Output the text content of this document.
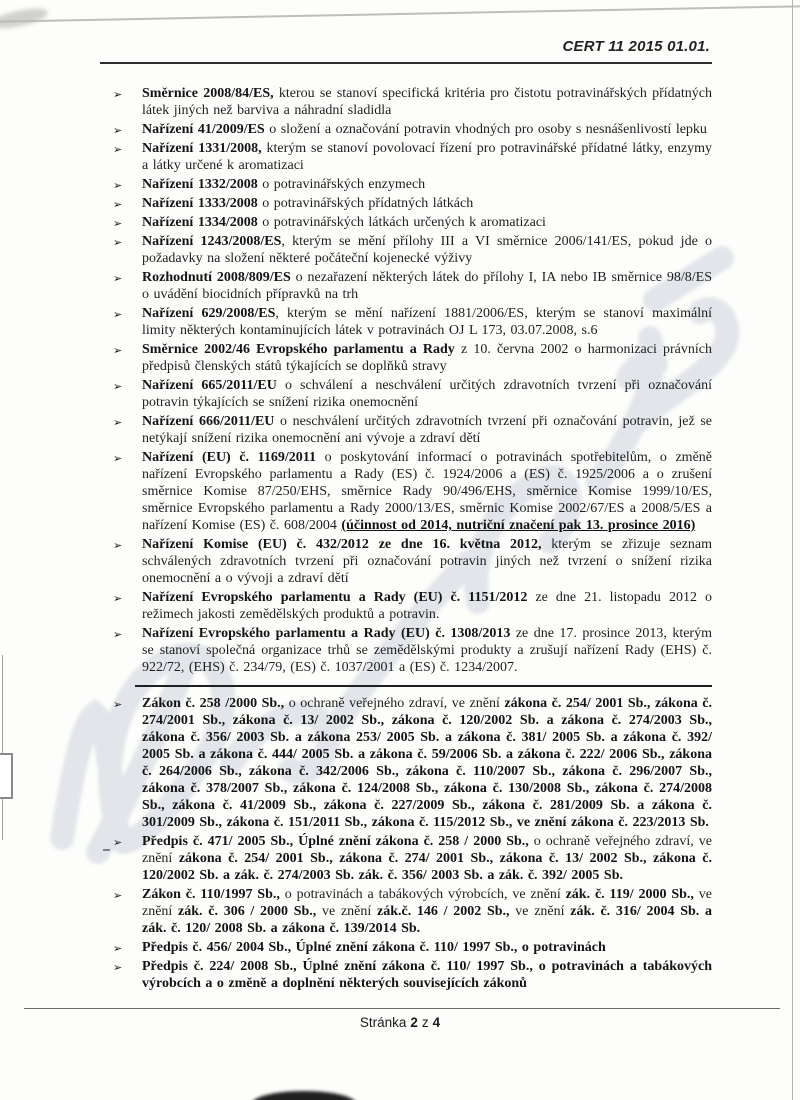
CERT 11 2015 01.01.
➢ Směrnice 2008/84/ES, kterou se stanoví specifická kritéria pro čistotu potravinářských přídatných látek jiných než barviva a náhradní sladidla
➢ Nařízení 41/2009/ES o složení a označování potravin vhodných pro osoby s nesnášenlivostí lepku
➢ Nařízení 1331/2008, kterým se stanoví povolovací řízení pro potravinářské přídatné látky, enzymy a látky určené k aromatizaci
➢ Nařízení 1332/2008 o potravinářských enzymech
➢ Nařízení 1333/2008 o potravinářských přídatných látkách
➢ Nařízení 1334/2008 o potravinářských látkách určených k aromatizaci
➢ Nařízení 1243/2008/ES, kterým se mění přílohy III a VI směrnice 2006/141/ES, pokud jde o požadavky na složení některé počáteční kojenecké výživy
➢ Rozhodnutí 2008/809/ES o nezařazení některých látek do přílohy I, IA nebo IB směrnice 98/8/ES o uvádění biocidních přípravků na trh
➢ Nařízení 629/2008/ES, kterým se mění nařízení 1881/2006/ES, kterým se stanoví maximální limity některých kontaminujících látek v potravinách OJ L 173, 03.07.2008, s.6
➢ Směrnice 2002/46 Evropského parlamentu a Rady z 10. června 2002 o harmonizaci právních předpisů členských států týkajících se doplňků stravy
➢ Nařízení 665/2011/EU o schválení a neschválení určitých zdravotních tvrzení při označování potravin týkajících se snížení rizika onemocnění
➢ Nařízení 666/2011/EU o neschválení určitých zdravotních tvrzení při označování potravin, jež se netýkají snížení rizika onemocnění ani vývoje a zdraví dětí
➢ Nařízení (EU) č. 1169/2011 o poskytování informací o potravinách spotřebitelům, o změně nařízení Evropského parlamentu a Rady (ES) č. 1924/2006 a (ES) č. 1925/2006 a o zrušení směrnice Komise 87/250/EHS, směrnice Rady 90/496/EHS, směrnice Komise 1999/10/ES, směrnice Evropského parlamentu a Rady 2000/13/ES, směrnic Komise 2002/67/ES a 2008/5/ES a nařízení Komise (ES) č. 608/2004 (účinnost od 2014, nutriční značení pak 13. prosince 2016)
➢ Nařízení Komise (EU) č. 432/2012 ze dne 16. května 2012, kterým se zřizuje seznam schválených zdravotních tvrzení při označování potravin jiných než tvrzení o snížení rizika onemocnění a o vývoji a zdraví dětí
➢ Nařízení Evropského parlamentu a Rady (EU) č. 1151/2012 ze dne 21. listopadu 2012 o režimech jakosti zemědělských produktů a potravin.
➢ Nařízení Evropského parlamentu a Rady (EU) č. 1308/2013 ze dne 17. prosince 2013, kterým se stanoví společná organizace trhů se zemědělskými produkty a zrušují nařízení Rady (EHS) č. 922/72, (EHS) č. 234/79, (ES) č. 1037/2001 a (ES) č. 1234/2007.
➢ Zákon č. 258 /2000 Sb., o ochraně veřejného zdraví, ve znění zákona č. 254/ 2001 Sb., zákona č. 274/2001 Sb., zákona č. 13/ 2002 Sb., zákona č. 120/2002 Sb. a zákona č. 274/2003 Sb., zákona č. 356/ 2003 Sb. a zákona 253/ 2005 Sb. a zákona č. 381/ 2005 Sb. a zákona č. 392/ 2005 Sb. a zákona č. 444/ 2005 Sb. a zákona č. 59/2006 Sb. a zákona č. 222/ 2006 Sb., zákona č. 264/2006 Sb., zákona č. 342/2006 Sb., zákona č. 110/2007 Sb., zákona č. 296/2007 Sb., zákona č. 378/2007 Sb., zákona č. 124/2008 Sb., zákona č. 130/2008 Sb., zákona č. 274/2008 Sb., zákona č. 41/2009 Sb., zákona č. 227/2009 Sb., zákona č. 281/2009 Sb. a zákona č. 301/2009 Sb., zákona č. 151/2011 Sb., zákona č. 115/2012 Sb., ve znění zákona č. 223/2013 Sb.
➢ Předpis č. 471/ 2005 Sb., Úplné znění zákona č. 258 / 2000 Sb., o ochraně veřejného zdraví, ve znění zákona č. 254/ 2001 Sb., zákona č. 274/ 2001 Sb., zákona č. 13/ 2002 Sb., zákona č. 120/2002 Sb. a zák. č. 274/2003 Sb. zák. č. 356/ 2003 Sb. a zák. č. 392/ 2005 Sb.
➢ Zákon č. 110/1997 Sb., o potravinách a tabákových výrobcích, ve znění zák. č. 119/ 2000 Sb., ve znění zák. č. 306 / 2000 Sb., ve znění zák.č. 146 / 2002 Sb., ve znění zák. č. 316/ 2004 Sb. a zák. č. 120/ 2008 Sb. a zákona č. 139/2014 Sb.
➢ Předpis č. 456/ 2004 Sb., Úplné znění zákona č. 110/ 1997 Sb., o potravinách
➢ Předpis č. 224/ 2008 Sb., Úplné znění zákona č. 110/ 1997 Sb., o potravinách a tabákových výrobcích a o změně a doplnění některých souvisejících zákonů
Stránka 2 z 4
